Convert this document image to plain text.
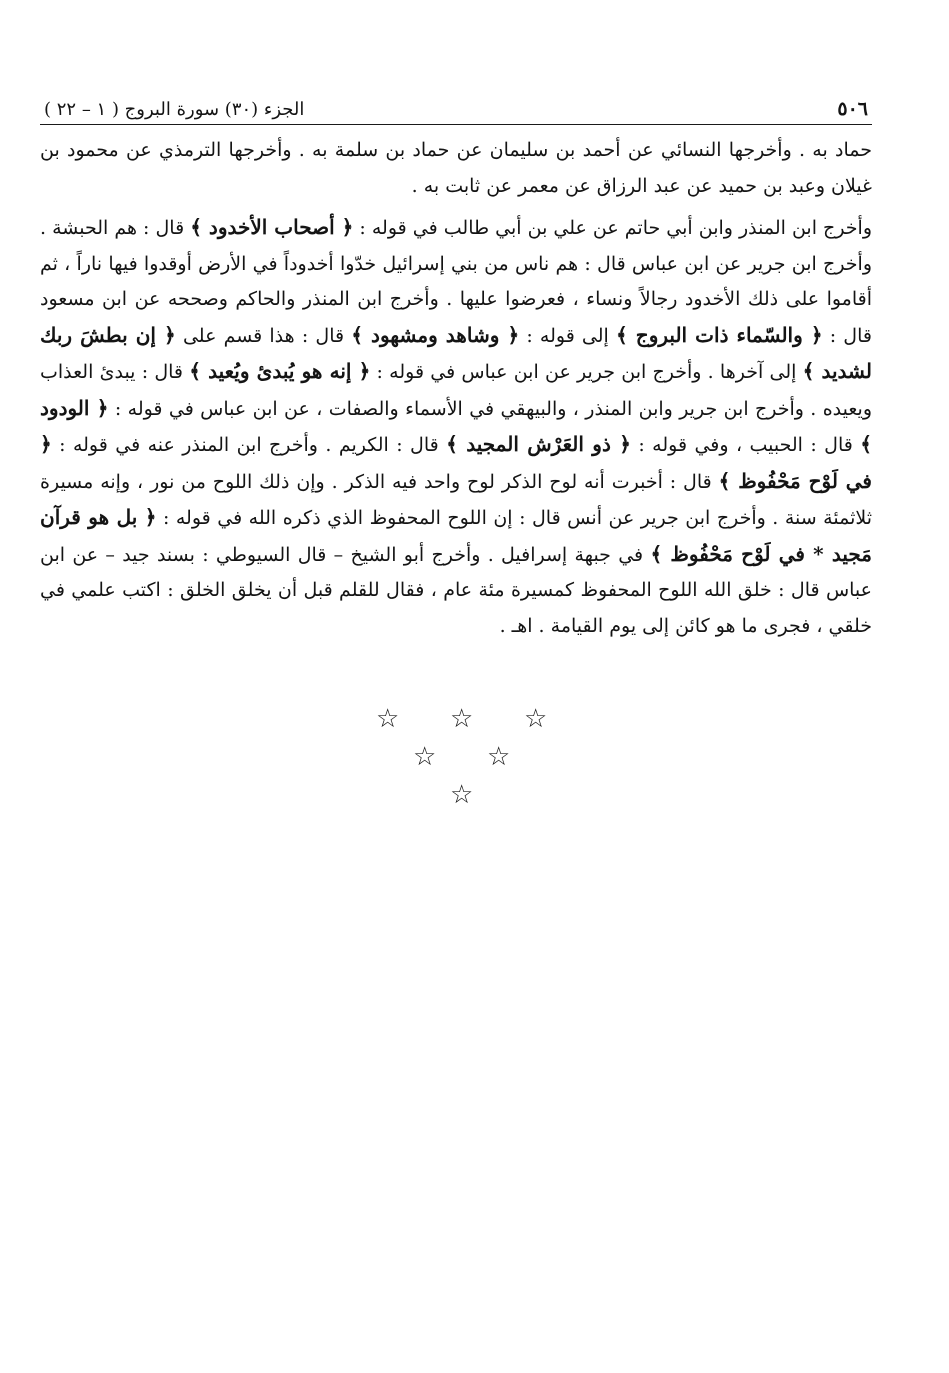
٥٠٦
الجزء (٣٠) سورة البروج ( ١ – ٢٢ )

حماد به . وأخرجها النسائي عن أحمد بن سليمان عن حماد بن سلمة به . وأخرجها الترمذي عن محمود بن غيلان وعبد بن حميد عن عبد الرزاق عن معمر عن ثابت به .

وأخرج ابن المنذر وابن أبي حاتم عن علي بن أبي طالب في قوله : ﴿ أصحاب الأخدود ﴾ قال : هم الحبشة . وأخرج ابن جرير عن ابن عباس قال : هم ناس من بني إسرائيل خدّوا أخدوداً في الأرض أوقدوا فيها ناراً ، ثم أقاموا على ذلك الأخدود رجالاً ونساء ، فعرضوا عليها . وأخرج ابن المنذر والحاكم وصححه عن ابن مسعود قال : ﴿ والسّماء ذات البروج ﴾ إلى قوله : ﴿ وشاهد ومشهود ﴾ قال : هذا قسم على ﴿ إن بطشَ ربك لشديد ﴾ إلى آخرها . وأخرج ابن جرير عن ابن عباس في قوله : ﴿ إنه هو يُبدئ ويُعيد ﴾ قال : يبدئ العذاب ويعيده . وأخرج ابن جرير وابن المنذر ، والبيهقي في الأسماء والصفات ، عن ابن عباس في قوله : ﴿ الودود ﴾ قال : الحبيب ، وفي قوله : ﴿ ذو العَرْش المجيد ﴾ قال : الكريم . وأخرج ابن المنذر عنه في قوله : ﴿ في لَوْح مَحْفُوظ ﴾ قال : أخبرت أنه لوح الذكر لوح واحد فيه الذكر . وإن ذلك اللوح من نور ، وإنه مسيرة ثلاثمئة سنة . وأخرج ابن جرير عن أنس قال : إن اللوح المحفوظ الذي ذكره الله في قوله : ﴿ بل هو قرآن مَجيد * في لَوْح مَحْفُوظ ﴾ في جبهة إسرافيل . وأخرج أبو الشيخ – قال السيوطي : بسند جيد – عن ابن عباس قال : خلق الله اللوح المحفوظ كمسيرة مئة عام ، فقال للقلم قبل أن يخلق الخلق : اكتب علمي في خلقي ، فجرى ما هو كائن إلى يوم القيامة . اهـ .

☆ ☆ ☆
☆ ☆
☆
